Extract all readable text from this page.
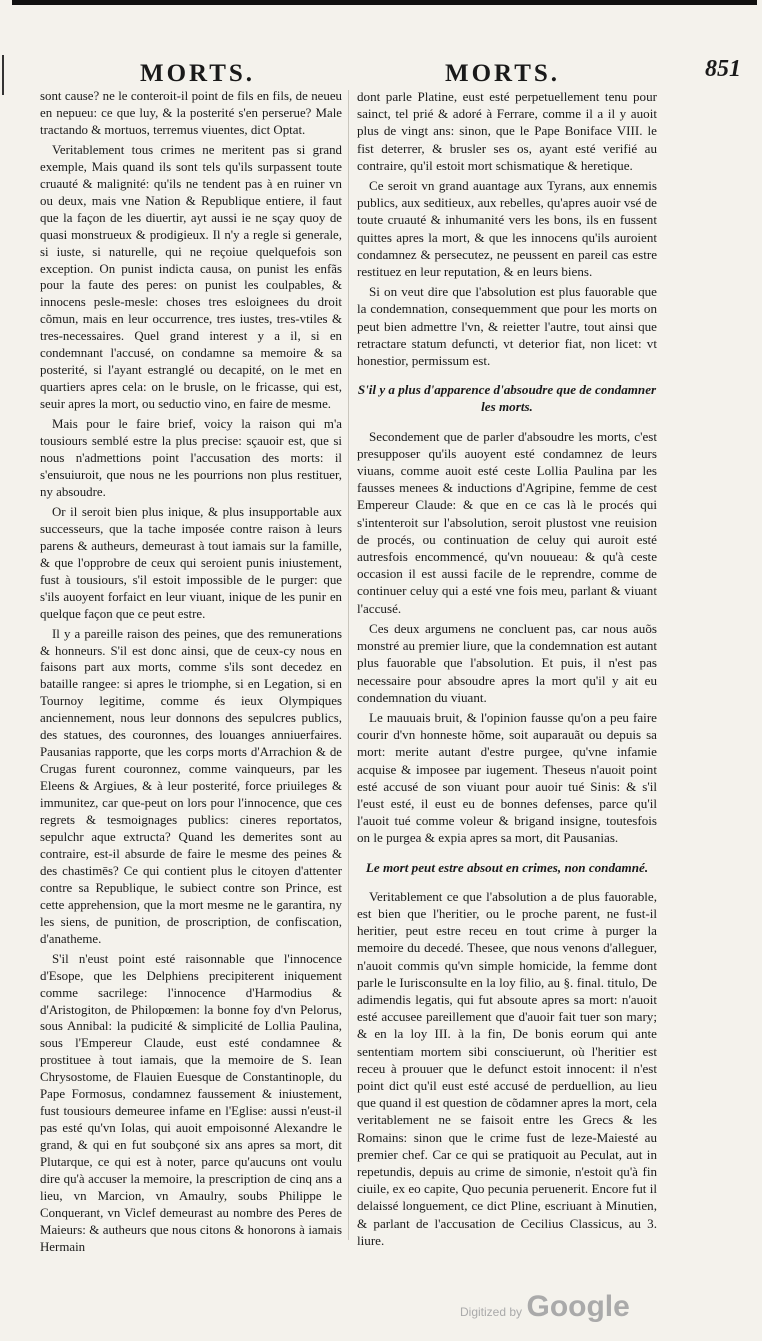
MORTS.	MORTS.	851

sont cause? ne le conteroit-il point de fils en fils, de neueu en nepueu: ce que luy, & la posterité s'en perserue? Male tractando & mortuos, terremus viuentes, dict Optat.

Veritablement tous crimes ne meritent pas si grand exemple, Mais quand ils sont tels qu'ils surpassent toute cruauté & malignité: qu'ils ne tendent pas à en ruiner vn ou deux, mais vne Nation & Republique entiere, il faut que la façon de les diuertir, ayt aussi ie ne sçay quoy de quasi monstrueux & prodigieux. Il n'y a regle si generale, si iuste, si naturelle, qui ne reçoiue quelquefois son exception. On punist indicta causa, on punist les enfãs pour la faute des peres: on punist les coulpables, & innocens pesle-mesle: choses tres esloignees du droit cõmun, mais en leur occurrence, tres iustes, tres-vtiles & tres-necessaires. Quel grand interest y a il, si en condemnant l'accusé, on condamne sa memoire & sa posterité, si l'ayant estranglé ou decapité, on le met en quartiers apres cela: on le brusle, on le fricasse, qui est, seuir apres la mort, ou seductio vino, en faire de mesme.

Mais pour le faire brief, voicy la raison qui m'a tousiours semblé estre la plus precise: sçauoir est, que si nous n'admettions point l'accusation des morts: il s'ensuiuroit, que nous ne les pourrions non plus restituer, ny absoudre.

Or il seroit bien plus inique, & plus insupportable aux successeurs, que la tache imposée contre raison à leurs parens & autheurs, demeurast à tout iamais sur la famille, & que l'opprobre de ceux qui seroient punis iniustement, fust à tousiours, s'il estoit impossible de le purger: que s'ils auoyent forfaict en leur viuant, inique de les punir en quelque façon que ce peut estre.

Il y a pareille raison des peines, que des remunerations & honneurs. S'il est donc ainsi, que de ceux-cy nous en faisons part aux morts, comme s'ils sont decedez en bataille rangee: si apres le triomphe, si en Legation, si en Tournoy legitime, comme és ieux Olympiques anciennement, nous leur donnons des sepulcres publics, des statues, des couronnes, des louanges anniuerfaires. Pausanias rapporte, que les corps morts d'Arrachion & de Crugas furent couronnez, comme vainqueurs, par les Eleens & Argiues, & à leur posterité, force priuileges & immunitez, car que-peut on lors pour l'innocence, que ces regrets & tesmoignages publics: cineres reportatos, sepulchr aque extructa? Quand les demerites sont au contraire, est-il absurde de faire le mesme des peines & des chastimēs? Ce qui contient plus le citoyen d'attenter contre sa Republique, le subiect contre son Prince, est cette apprehension, que la mort mesme ne le garantira, ny les siens, de punition, de proscription, de confiscation, d'anatheme.

S'il n'eust point esté raisonnable que l'innocence d'Esope, que les Delphiens precipiterent iniquement comme sacrilege: l'innocence d'Harmodius & d'Aristogiton, de Philopœmen: la bonne foy d'vn Pelorus, sous Annibal: la pudicité & simplicité de Lollia Paulina, sous l'Empereur Claude, eust esté condamnee & prostituee à tout iamais, que la memoire de S. Iean Chrysostome, de Flauien Euesque de Constantinople, du Pape Formosus, condamnez faussement & iniustement, fust tousiours demeuree infame en l'Eglise: aussi n'eust-il pas esté qu'vn Iolas, qui auoit empoisonné Alexandre le grand, & qui en fut soubçoné six ans apres sa mort, dit Plutarque, ce qui est à noter, parce qu'aucuns ont voulu dire qu'à accuser la memoire, la prescription de cinq ans a lieu, vn Marcion, vn Amaulry, soubs Philippe le Conquerant, vn Viclef demeurast au nombre des Peres de Maieurs: & autheurs que nous citons & honorons à iamais Hermain

dont parle Platine, eust esté perpetuellement tenu pour sainct, tel prié & adoré à Ferrare, comme il a il y auoit plus de vingt ans: sinon, que le Pape Boniface VIII. le fist deterrer, & brusler ses os, ayant esté verifié au contraire, qu'il estoit mort schismatique & heretique.

Ce seroit vn grand auantage aux Tyrans, aux ennemis publics, aux seditieux, aux rebelles, qu'apres auoir vsé de toute cruauté & inhumanité vers les bons, ils en fussent quittes apres la mort, & que les innocens qu'ils auroient condamnez & persecutez, ne peussent en pareil cas estre restituez en leur reputation, & en leurs biens.

Si on veut dire que l'absolution est plus fauorable que la condemnation, consequemment que pour les morts on peut bien admettre l'vn, & reietter l'autre, tout ainsi que retractare statum defuncti, vt deterior fiat, non licet: vt honestior, permissum est.

S'il y a plus d'apparence d'absoudre que de condamner les morts.

Secondement que de parler d'absoudre les morts, c'est presupposer qu'ils auoyent esté condamnez de leurs viuans, comme auoit esté ceste Lollia Paulina par les fausses menees & inductions d'Agripine, femme de cest Empereur Claude: & que en ce cas là le procés qui s'intenteroit sur l'absolution, seroit plustost vne reuision de procés, ou continuation de celuy qui auroit esté autresfois encommencé, qu'vn nouueau: & qu'à ceste occasion il est aussi facile de le reprendre, comme de continuer celuy qui a esté vne fois meu, parlant & viuant l'accusé.

Ces deux argumens ne concluent pas, car nous auõs monstré au premier liure, que la condemnation est autant plus fauorable que l'absolution. Et puis, il n'est pas necessaire pour absoudre apres la mort qu'il y ait eu condemnation du viuant.

Le mauuais bruit, & l'opinion fausse qu'on a peu faire courir d'vn honneste hõme, soit auparauãt ou depuis sa mort: merite autant d'estre purgee, qu'vne infamie acquise & imposee par iugement. Theseus n'auoit point esté accusé de son viuant pour auoir tué Sinis: & s'il l'eust esté, il eust eu de bonnes defenses, parce qu'il l'auoit tué comme voleur & brigand insigne, toutesfois on le purgea & expia apres sa mort, dit Pausanias.

Le mort peut estre absout en crimes, non condamné.

Veritablement ce que l'absolution a de plus fauorable, est bien que l'heritier, ou le proche parent, ne fust-il heritier, peut estre receu en tout crime à purger la memoire du decedé. Thesee, que nous venons d'alleguer, n'auoit commis qu'vn simple homicide, la femme dont parle le Iurisconsulte en la loy filio, au §. final. titulo, De adimendis legatis, qui fut absoute apres sa mort: n'auoit esté accusee pareillement que d'auoir fait tuer son mary; & en la loy III. à la fin, De bonis eorum qui ante sententiam mortem sibi consciuerunt, où l'heritier est receu à prouuer que le defunct estoit innocent: il n'est point dict qu'il eust esté accusé de perduellion, au lieu que quand il est question de cõdamner apres la mort, cela veritablement ne se faisoit entre les Grecs & les Romains: sinon que le crime fust de leze-Maiesté au premier chef. Car ce qui se pratiquoit au Peculat, aut in repetundis, depuis au crime de simonie, n'estoit qu'à fin ciuile, ex eo capite, Quo pecunia peruenerit. Encore fut il delaissé longuement, ce dict Pline, escriuant à Minutien, & parlant de l'accusation de Cecilius Classicus, au 3. liure.

Digitized by Google
